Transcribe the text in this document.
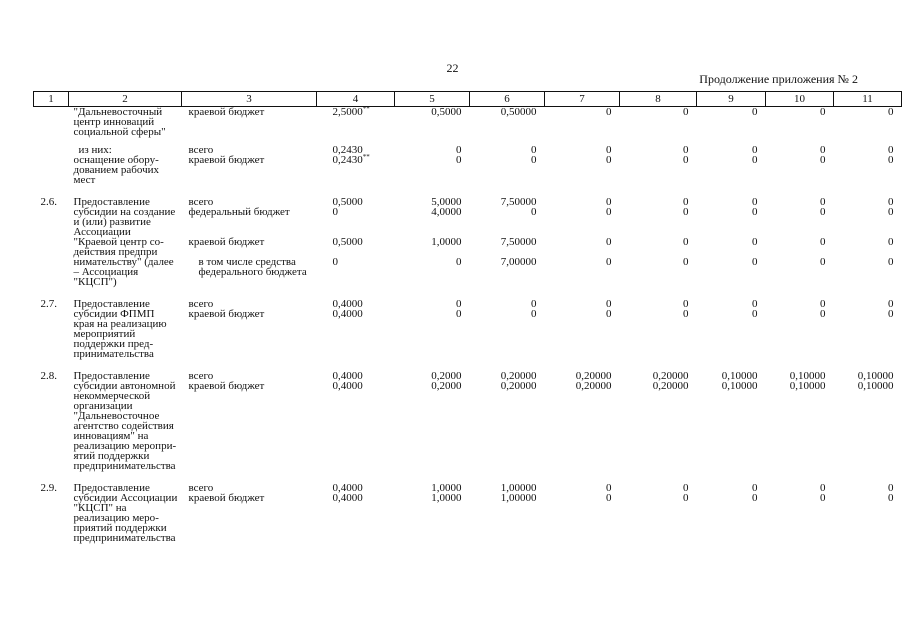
22
Продолжение приложения № 2
1	2	3	4	5	6	7	8	9	10	11
	"Дальневосточный центр инноваций социальной сферы"	краевой бюджет	2,5000**	0,5000	0,50000	0	0	0	0	0

	из них:	всего	0,2430	0	0	0	0	0	0	0
	оснащение оборудованием рабочих мест	краевой бюджет	0,2430**	0	0	0	0	0	0	0

2.6.	Предоставление	всего	0,5000	5,0000	7,50000	0	0	0	0	0
	субсидии на создание и (или) развитие Ассоциации	федеральный бюджет	0	4,0000	0	0	0	0	0	0
	"Краевой центр содействия предпри	краевой бюджет	0,5000	1,0000	7,50000	0	0	0	0	0
	нимательству" (далее – Ассоциация "КЦСП")	в том числе средства федерального бюджета	0	0	7,00000	0	0	0	0	0

2.7.	Предоставление	всего	0,4000	0	0	0	0	0	0	0
	субсидии ФПМП края на реализацию мероприятий поддержки предпринимательства	краевой бюджет	0,4000	0	0	0	0	0	0	0

2.8.	Предоставление	всего	0,4000	0,2000	0,20000	0,20000	0,20000	0,10000	0,10000	0,10000
	субсидии автономной некоммерческой организации "Дальневосточное агентство содействия инновациям" на реализацию мероприятий поддержки предпринимательства	краевой бюджет	0,4000	0,2000	0,20000	0,20000	0,20000	0,10000	0,10000	0,10000

2.9.	Предоставление	всего	0,4000	1,0000	1,00000	0	0	0	0	0
	субсидии Ассоциации "КЦСП" на реализацию мероприятий поддержки предпринимательства	краевой бюджет	0,4000	1,0000	1,00000	0	0	0	0	0
